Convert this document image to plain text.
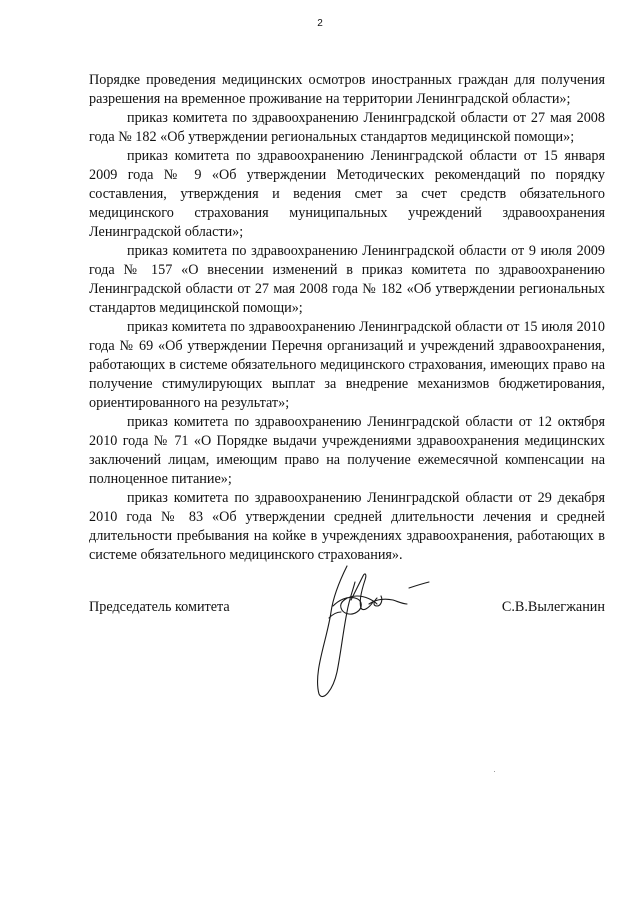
2

Порядке проведения медицинских осмотров иностранных граждан для получения разрешения на временное проживание на территории Ленинградской области»;

приказ комитета по здравоохранению Ленинградской области от 27 мая 2008 года № 182 «Об утверждении региональных стандартов медицинской помощи»;

приказ комитета по здравоохранению Ленинградской области от 15 января 2009 года № 9 «Об утверждении Методических рекомендаций по порядку составления, утверждения и ведения смет за счет средств обязательного медицинского страхования муниципальных учреждений здравоохранения Ленинградской области»;

приказ комитета по здравоохранению Ленинградской области от 9 июля 2009 года № 157 «О внесении изменений в приказ комитета по здравоохранению Ленинградской области от 27 мая 2008 года № 182 «Об утверждении региональных стандартов медицинской помощи»;

приказ комитета по здравоохранению Ленинградской области от 15 июля 2010 года № 69 «Об утверждении Перечня организаций и учреждений здравоохранения, работающих в системе обязательного медицинского страхования, имеющих право на получение стимулирующих выплат за внедрение механизмов бюджетирования, ориентированного на результат»;

приказ комитета по здравоохранению Ленинградской области от 12 октября 2010 года № 71 «О Порядке выдачи учреждениями здравоохранения медицинских заключений лицам, имеющим право на получение ежемесячной компенсации на полноценное питание»;

приказ комитета по здравоохранению Ленинградской области от 29 декабря 2010 года № 83 «Об утверждении средней длительности лечения и средней длительности пребывания на койке в учреждениях здравоохранения, работающих в системе обязательного медицинского страхования».

Председатель комитета	С.В.Вылегжанин
